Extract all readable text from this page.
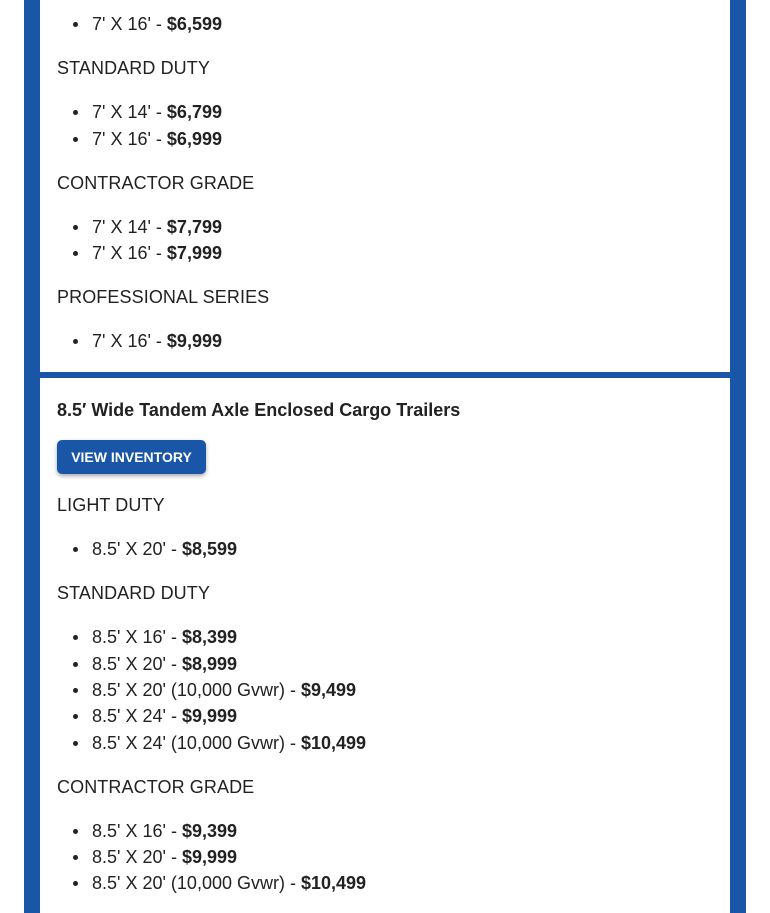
7' X 16' - $6,599
STANDARD DUTY
7' X 14' - $6,799
7' X 16' - $6,999
CONTRACTOR GRADE
7' X 14' - $7,799
7' X 16' - $7,999
PROFESSIONAL SERIES
7' X 16' - $9,999
8.5′ Wide Tandem Axle Enclosed Cargo Trailers
VIEW INVENTORY
LIGHT DUTY
8.5' X 20' - $8,599
STANDARD DUTY
8.5' X 16' - $8,399
8.5' X 20' - $8,999
8.5' X 20' (10,000 Gvwr) - $9,499
8.5' X 24' - $9,999
8.5' X 24' (10,000 Gvwr) - $10,499
CONTRACTOR GRADE
8.5' X 16' - $9,399
8.5' X 20' - $9,999
8.5' X 20' (10,000 Gvwr) - $10,499
